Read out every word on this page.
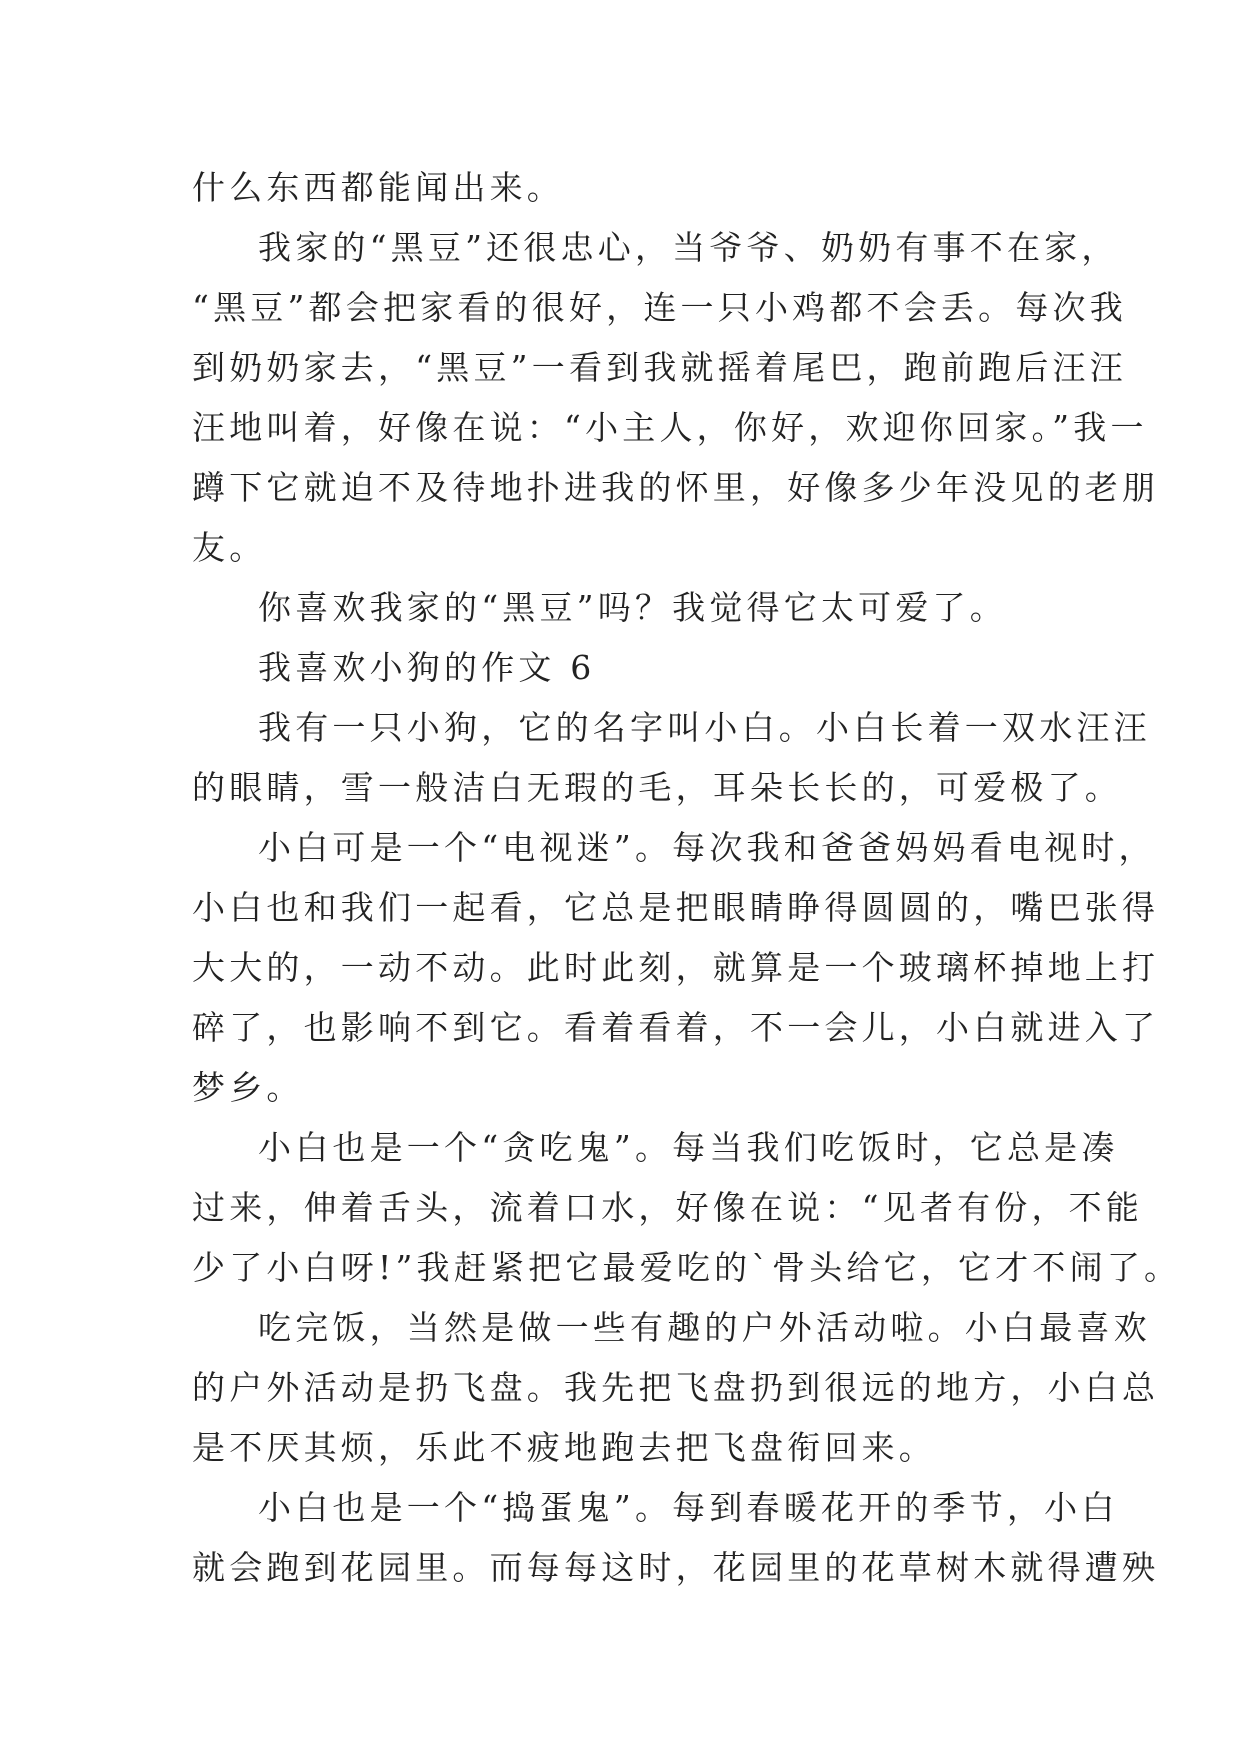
什么东西都能闻出来。
我家的“黑豆”还很忠心，当爷爷、奶奶有事不在家，
“黑豆”都会把家看的很好，连一只小鸡都不会丢。每次我
到奶奶家去，“黑豆”一看到我就摇着尾巴，跑前跑后汪汪
汪地叫着，好像在说：“小主人，你好，欢迎你回家。”我一
蹲下它就迫不及待地扑进我的怀里，好像多少年没见的老朋
友。
你喜欢我家的“黑豆”吗？我觉得它太可爱了。
我喜欢小狗的作文 6
我有一只小狗，它的名字叫小白。小白长着一双水汪汪
的眼睛，雪一般洁白无瑕的毛，耳朵长长的，可爱极了。
小白可是一个“电视迷”。每次我和爸爸妈妈看电视时，
小白也和我们一起看，它总是把眼睛睁得圆圆的，嘴巴张得
大大的，一动不动。此时此刻，就算是一个玻璃杯掉地上打
碎了，也影响不到它。看着看着，不一会儿，小白就进入了
梦乡。
小白也是一个“贪吃鬼”。每当我们吃饭时，它总是凑
过来，伸着舌头，流着口水，好像在说：“见者有份，不能
少了小白呀!”我赶紧把它最爱吃的`骨头给它，它才不闹了。
吃完饭，当然是做一些有趣的户外活动啦。小白最喜欢
的户外活动是扔飞盘。我先把飞盘扔到很远的地方，小白总
是不厌其烦，乐此不疲地跑去把飞盘衔回来。
小白也是一个“捣蛋鬼”。每到春暖花开的季节，小白
就会跑到花园里。而每每这时，花园里的花草树木就得遭殃
